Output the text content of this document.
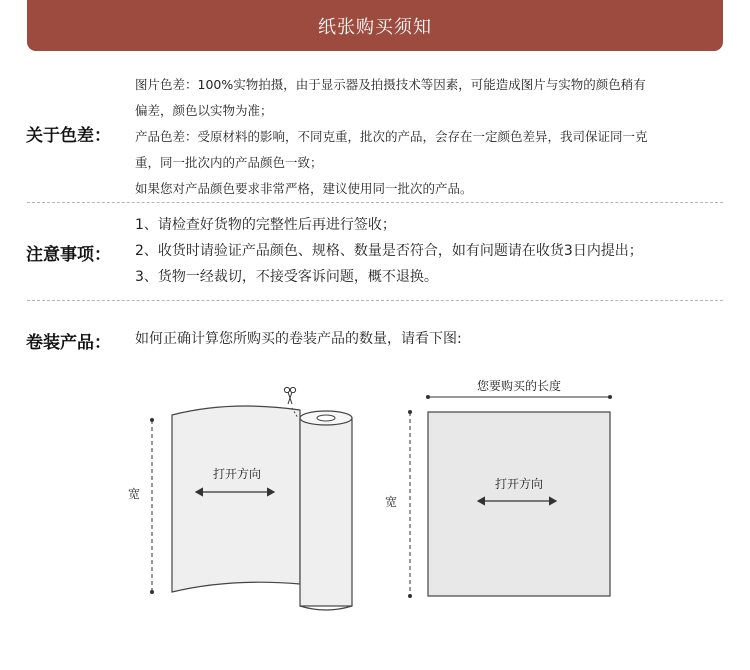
纸张购买须知
关于色差：
图片色差：100%实物拍摄，由于显示器及拍摄技术等因素，可能造成图片与实物的颜色稍有
偏差，颜色以实物为准；
产品色差：受原材料的影响，不同克重，批次的产品，会存在一定颜色差异，我司保证同一克
重，同一批次内的产品颜色一致；
如果您对产品颜色要求非常严格，建议使用同一批次的产品。
注意事项：
1、请检查好货物的完整性后再进行签收；
2、收货时请验证产品颜色、规格、数量是否符合，如有问题请在收货3日内提出；
3、货物一经裁切，不接受客诉问题，概不退换。
卷装产品： 如何正确计算您所购买的卷装产品的数量，请看下图:
宽
打开方向
您要购买的长度
宽
打开方向
